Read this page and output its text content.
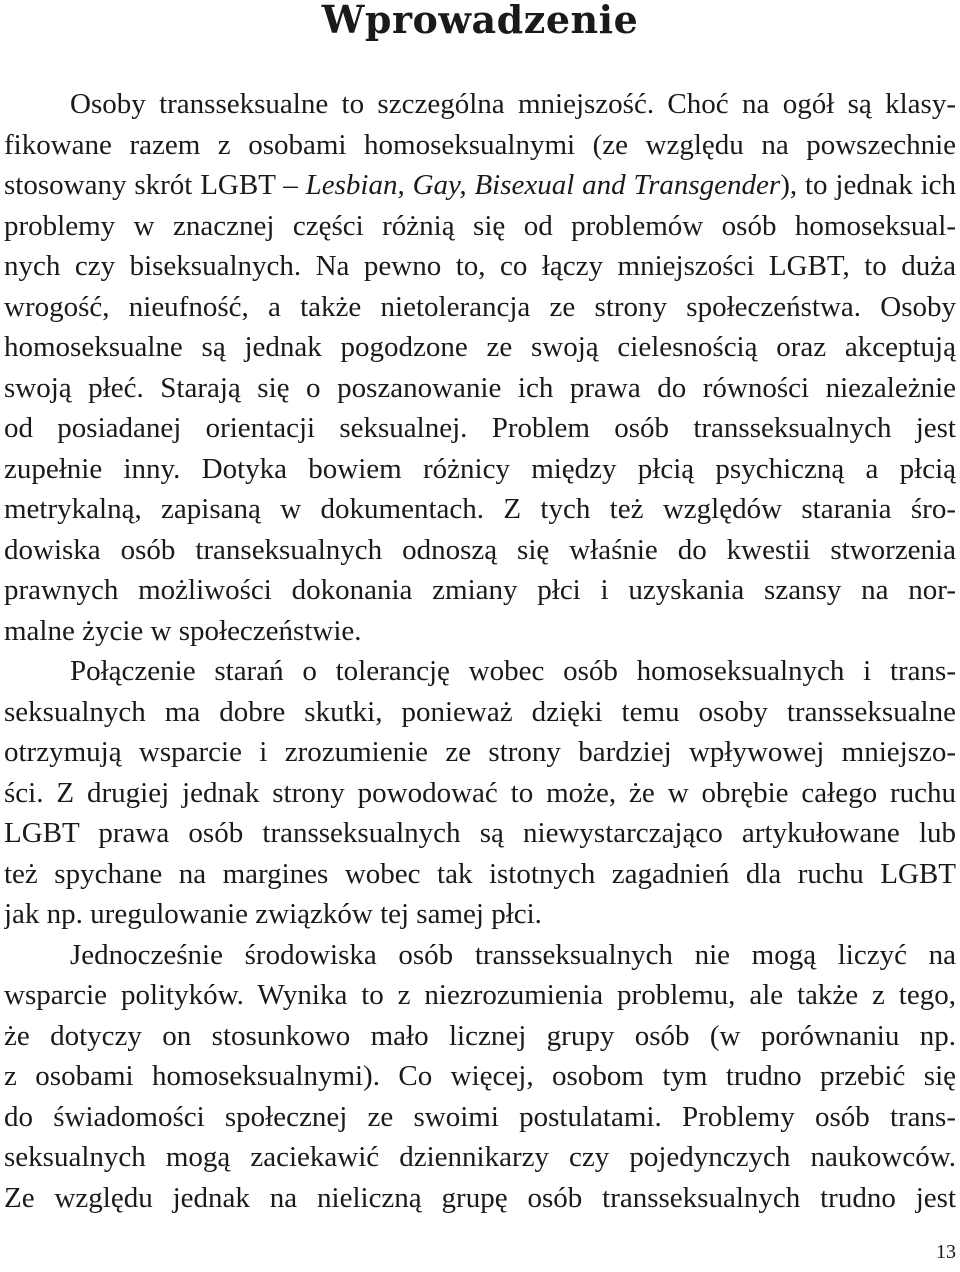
Wprowadzenie
Osoby transseksualne to szczególna mniejszość. Choć na ogół są klasy-
fikowane razem z osobami homoseksualnymi (ze względu na powszechnie
stosowany skrót LGBT – Lesbian, Gay, Bisexual and Transgender), to jednak ich
problemy w znacznej części różnią się od problemów osób homoseksual-
nych czy biseksualnych. Na pewno to, co łączy mniejszości LGBT, to duża
wrogość, nieufność, a także nietolerancja ze strony społeczeństwa. Osoby
homoseksualne są jednak pogodzone ze swoją cielesnością oraz akceptują
swoją płeć. Starają się o poszanowanie ich prawa do równości niezależnie
od posiadanej orientacji seksualnej. Problem osób transseksualnych jest
zupełnie inny. Dotyka bowiem różnicy między płcią psychiczną a płcią
metrykalną, zapisaną w dokumentach. Z tych też względów starania śro-
dowiska osób transeksualnych odnoszą się właśnie do kwestii stworzenia
prawnych możliwości dokonania zmiany płci i uzyskania szansy na nor-
malne życie w społeczeństwie.
Połączenie starań o tolerancję wobec osób homoseksualnych i trans-
seksualnych ma dobre skutki, ponieważ dzięki temu osoby transseksualne
otrzymują wsparcie i zrozumienie ze strony bardziej wpływowej mniejszo-
ści. Z drugiej jednak strony powodować to może, że w obrębie całego ruchu
LGBT prawa osób transseksualnych są niewystarczająco artykułowane lub
też spychane na margines wobec tak istotnych zagadnień dla ruchu LGBT
jak np. uregulowanie związków tej samej płci.
Jednocześnie środowiska osób transseksualnych nie mogą liczyć na
wsparcie polityków. Wynika to z niezrozumienia problemu, ale także z tego,
że dotyczy on stosunkowo mało licznej grupy osób (w porównaniu np.
z osobami homoseksualnymi). Co więcej, osobom tym trudno przebić się
do świadomości społecznej ze swoimi postulatami. Problemy osób trans-
seksualnych mogą zaciekawić dziennikarzy czy pojedynczych naukowców.
Ze względu jednak na nieliczną grupę osób transseksualnych trudno jest
13
